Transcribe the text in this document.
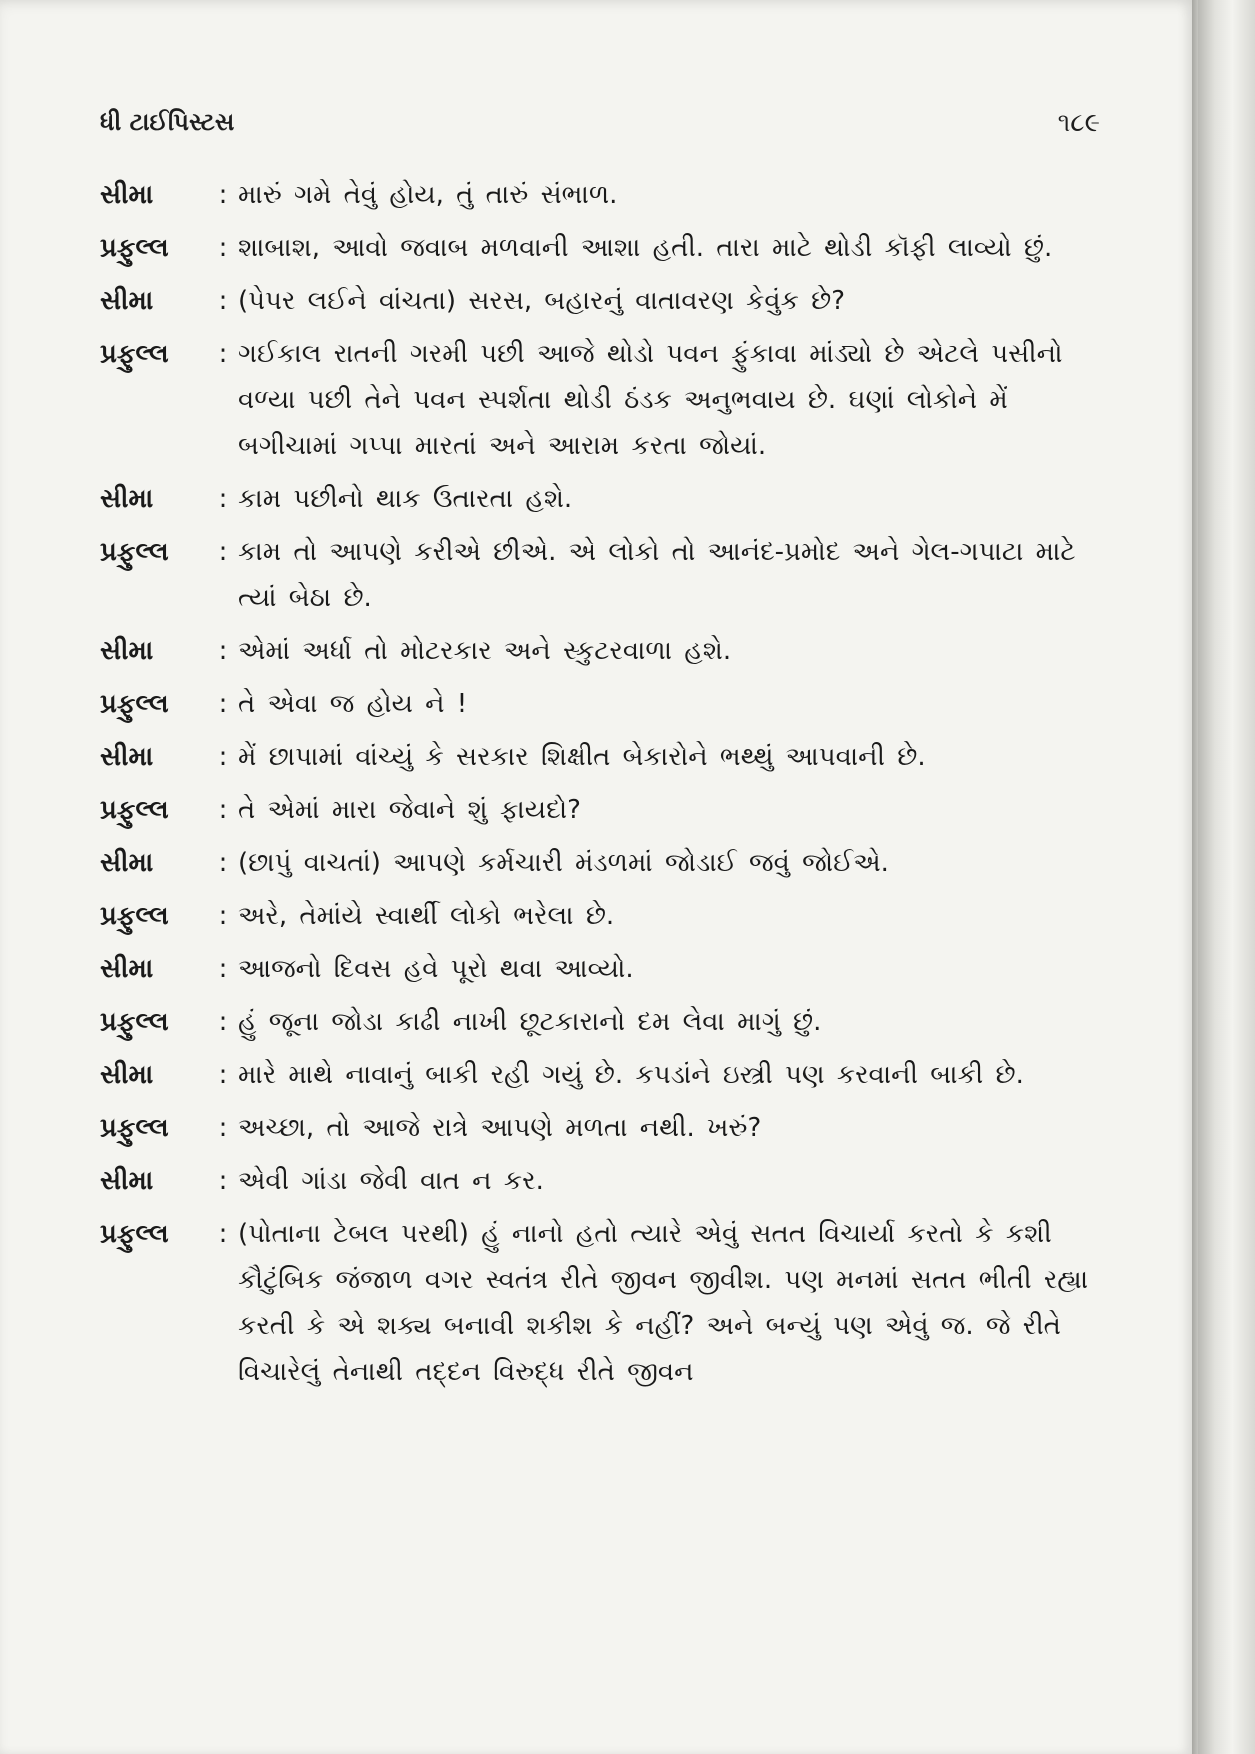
ધી ટાઈપિસ્ટસ	૧૮૯
સીમા	: મારું ગમે તેવું હોય, તું તારું સંભાળ.
પ્રફુલ્લ	: શાબાશ, આવો જવાબ મળવાની આશા હતી. તારા માટે થોડી કૉફી લાવ્યો છું.
સીમા	: (પેપર લઈને વાંચતા) સરસ, બહારનું વાતાવરણ કેવુંક છે?
પ્રફુલ્લ	: ગઈકાલ રાતની ગરમી પછી આજે થોડો પવન ફુંકાવા માંડ્યો છે એટલે પસીનો વળ્યા પછી તેને પવન સ્પર્શતા થોડી ઠંડક અનુભવાય છે. ઘણાં લોકોને મેં બગીચામાં ગપ્પા મારતાં અને આરામ કરતા જોયાં.
સીમા	: કામ પછીનો થાક ઉતારતા હશે.
પ્રફુલ્લ	: કામ તો આપણે કરીએ છીએ. એ લોકો તો આનંદ-પ્રમોદ અને ગેલ-ગપાટા માટે ત્યાં બેઠા છે.
સીમા	: એમાં અર્ધા તો મોટરકાર અને સ્કુટરવાળા હશે.
પ્રફુલ્લ	: તે એવા જ હોય ને !
સીમા	: મેં છાપામાં વાંચ્યું કે સરકાર શિક્ષીત બેકારોને ભથ્થું આપવાની છે.
પ્રફુલ્લ	: તે એમાં મારા જેવાને શું ફાયદો?
સીમા	: (છાપું વાચતાં) આપણે કર્મચારી મંડળમાં જોડાઈ જવું જોઈએ.
પ્રફુલ્લ	: અરે, તેમાંયે સ્વાર્થી લોકો ભરેલા છે.
સીમા	: આજનો દિવસ હવે પૂરો થવા આવ્યો.
પ્રફુલ્લ	: હું જૂના જોડા કાઢી નાખી છૂટકારાનો દમ લેવા માગું છું.
સીમા	: મારે માથે નાવાનું બાકી રહી ગયું છે. કપડાંને ઇસ્ત્રી પણ કરવાની બાકી છે.
પ્રફુલ્લ	: અચ્છા, તો આજે રાત્રે આપણે મળતા નથી. ખરું?
સીમા	: એવી ગાંડા જેવી વાત ન કર.
પ્રફુલ્લ	: (પોતાના ટેબલ પરથી) હું નાનો હતો ત્યારે એવું સતત વિચાર્યા કરતો કે કશી કૌટુંબિક જંજાળ વગર સ્વતંત્ર રીતે જીવન જીવીશ. પણ મનમાં સતત ભીતી રહ્યા કરતી કે એ શક્ય બનાવી શકીશ કે નહીં? અને બન્યું પણ એવું જ. જે રીતે વિચારેલું તેનાથી તદ્દન વિરુદ્ધ રીતે જીવન
